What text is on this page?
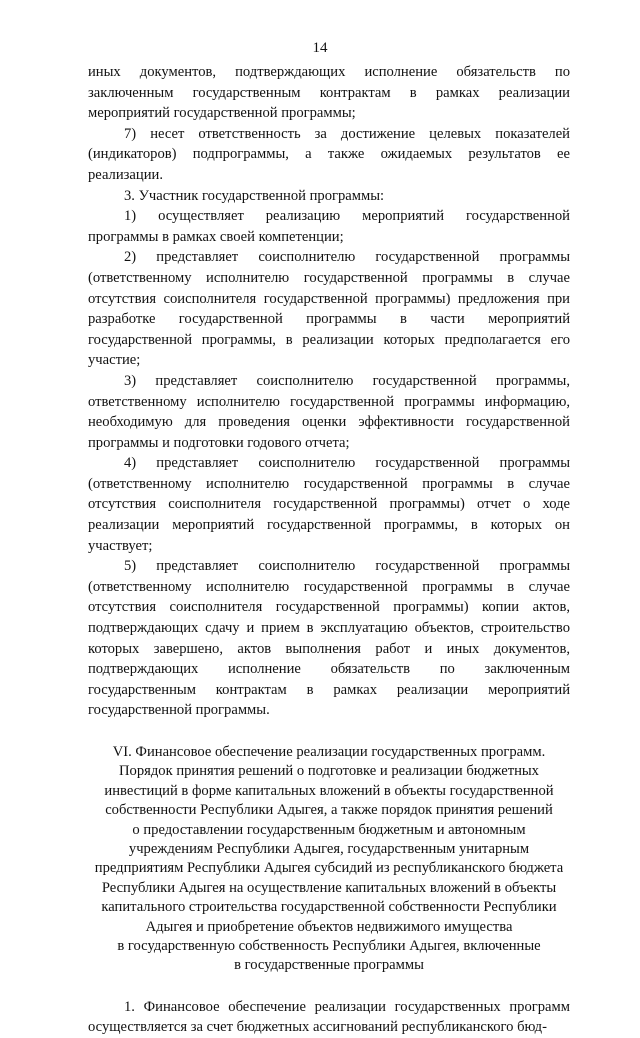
14

иных документов, подтверждающих исполнение обязательств по заключенным государственным контрактам в рамках реализации мероприятий государственной программы;

7) несет ответственность за достижение целевых показателей (индикаторов) подпрограммы, а также ожидаемых результатов ее реализации.

3. Участник государственной программы:

1) осуществляет реализацию мероприятий государственной программы в рамках своей компетенции;

2) представляет соисполнителю государственной программы (ответственному исполнителю государственной программы в случае отсутствия соисполнителя государственной программы) предложения при разработке государственной программы в части мероприятий государственной программы, в реализации которых предполагается его участие;

3) представляет соисполнителю государственной программы, ответственному исполнителю государственной программы информацию, необходимую для проведения оценки эффективности государственной программы и подготовки годового отчета;

4) представляет соисполнителю государственной программы (ответственному исполнителю государственной программы в случае отсутствия соисполнителя государственной программы) отчет о ходе реализации мероприятий государственной программы, в которых он участвует;

5) представляет соисполнителю государственной программы (ответственному исполнителю государственной программы в случае отсутствия соисполнителя государственной программы) копии актов, подтверждающих сдачу и прием в эксплуатацию объектов, строительство которых завершено, актов выполнения работ и иных документов, подтверждающих исполнение обязательств по заключенным государственным контрактам в рамках реализации мероприятий государственной программы.

VI. Финансовое обеспечение реализации государственных программ.
Порядок принятия решений о подготовке и реализации бюджетных
инвестиций в форме капитальных вложений в объекты государственной
собственности Республики Адыгея, а также порядок принятия решений
о предоставлении государственным бюджетным и автономным
учреждениям Республики Адыгея, государственным унитарным
предприятиям Республики Адыгея субсидий из республиканского бюджета
Республики Адыгея на осуществление капитальных вложений в объекты
капитального строительства государственной собственности Республики
Адыгея и приобретение объектов недвижимого имущества
в государственную собственность Республики Адыгея, включенные
в государственные программы

1. Финансовое обеспечение реализации государственных программ осуществляется за счет бюджетных ассигнований республиканского бюд-
